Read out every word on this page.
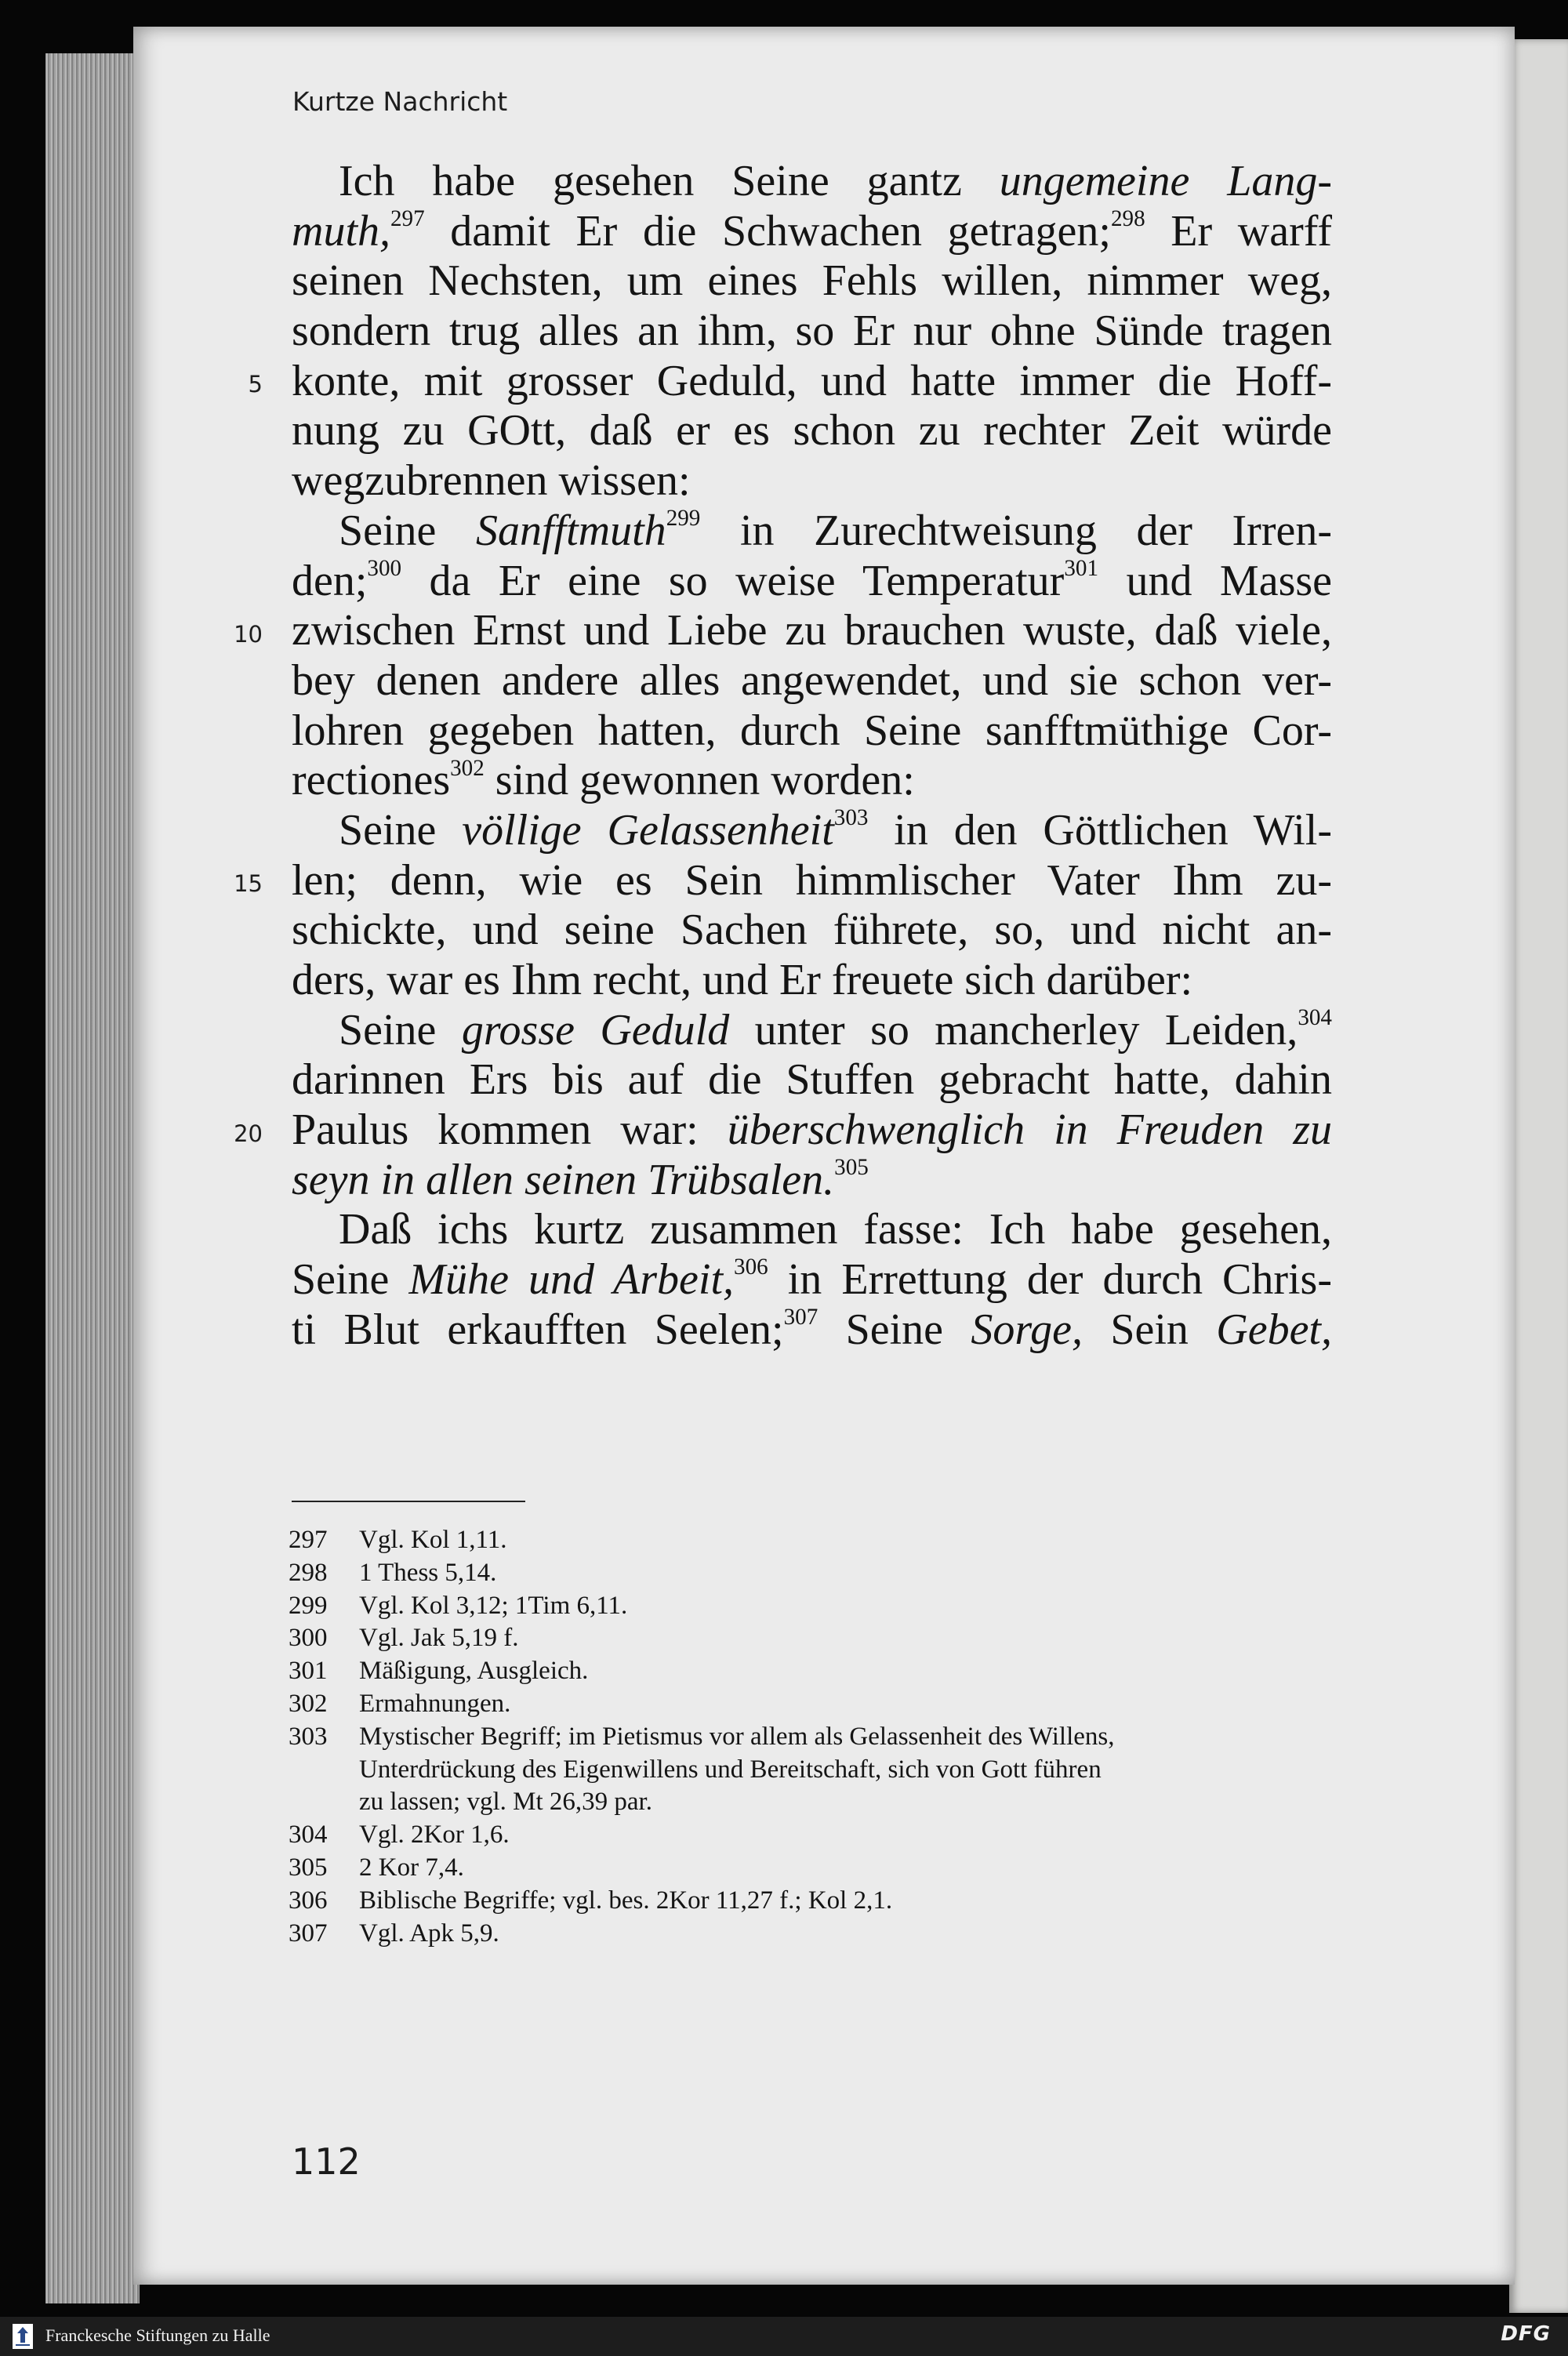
Kurtze Nachricht

5
10
15
20
Ich habe gesehen Seine gantz ungemeine Lang-
muth,$^{297}$ damit Er die Schwachen getragen;$^{298}$ Er warff
seinen Nechsten, um eines Fehls willen, nimmer weg,
sondern trug alles an ihm, so Er nur ohne Sünde tragen
konte, mit grosser Geduld, und hatte immer die Hoff-
nung zu GOtt, daß er es schon zu rechter Zeit würde
wegzubrennen wissen:
Seine Sanfftmuth$^{299}$ in Zurechtweisung der Irren-
den;$^{300}$ da Er eine so weise Temperatur$^{301}$ und Masse
zwischen Ernst und Liebe zu brauchen wuste, daß viele,
bey denen andere alles angewendet, und sie schon ver-
lohren gegeben hatten, durch Seine sanfftmüthige Cor-
rectiones$^{302}$ sind gewonnen worden:
Seine völlige Gelassenheit$^{303}$ in den Göttlichen Wil-
len; denn, wie es Sein himmlischer Vater Ihm zu-
schickte, und seine Sachen führete, so, und nicht an-
ders, war es Ihm recht, und Er freuete sich darüber:
Seine grosse Geduld unter so mancherley Leiden,$^{304}$
darinnen Ers bis auf die Stuffen gebracht hatte, dahin
Paulus kommen war: überschwenglich in Freuden zu
seyn in allen seinen Trübsalen.$^{305}$
Daß ichs kurtz zusammen fasse: Ich habe gesehen,
Seine Mühe und Arbeit,$^{306}$ in Errettung der durch Chris-
ti Blut erkaufften Seelen;$^{307}$ Seine Sorge, Sein Gebet,
297	Vgl. Kol 1,11.
298	1 Thess 5,14.
299	Vgl. Kol 3,12; 1Tim 6,11.
300	Vgl. Jak 5,19 f.
301	Mäßigung, Ausgleich.
302	Ermahnungen.
303	Mystischer Begriff; im Pietismus vor allem als Gelassenheit des Willens,
Unterdrückung des Eigenwillens und Bereitschaft, sich von Gott führen
zu lassen; vgl. Mt 26,39 par.
304	Vgl. 2Kor 1,6.
305	2 Kor 7,4.
306	Biblische Begriffe; vgl. bes. 2Kor 11,27 f.; Kol 2,1.
307	Vgl. Apk 5,9.

112

Franckesche Stiftungen zu Halle	DFG
